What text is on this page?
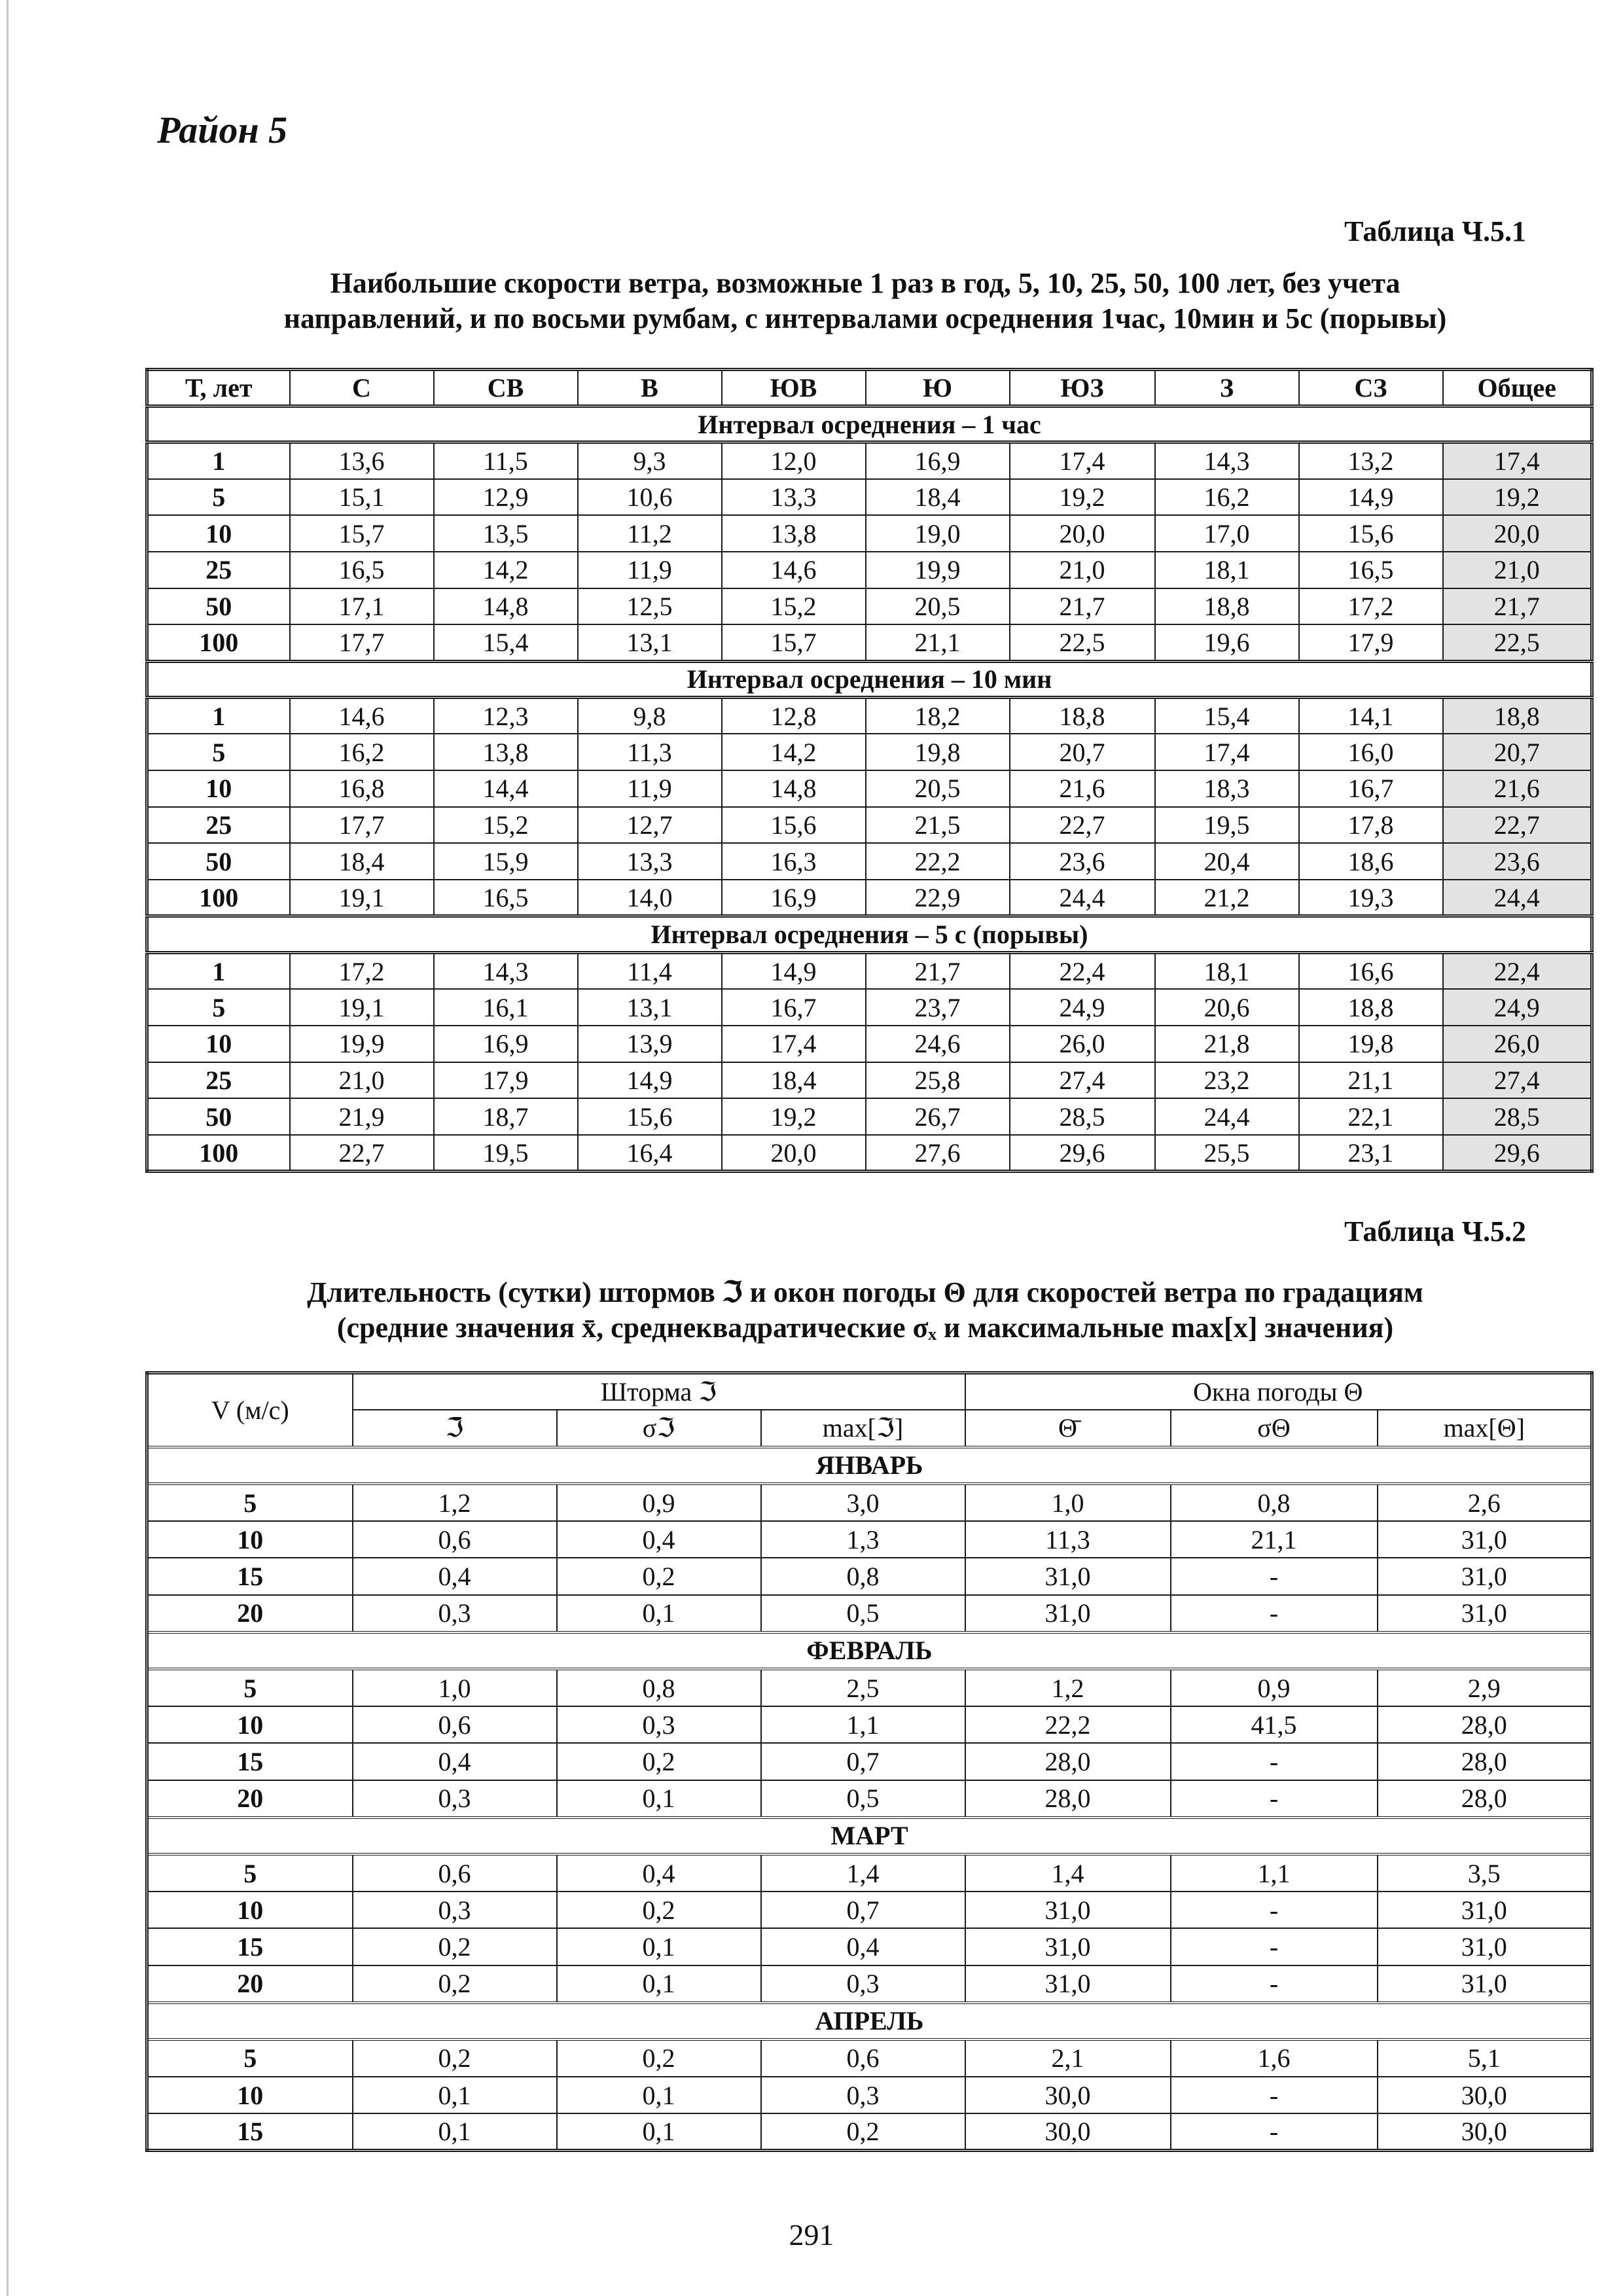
Район 5
Таблица Ч.5.1
Наибольшие скорости ветра, возможные 1 раз в год, 5, 10, 25, 50, 100 лет, без учета
направлений, и по восьми румбам, с интервалами осреднения 1час, 10мин и 5с (порывы)
Т, лет	С	СВ	В	ЮВ	Ю	ЮЗ	З	СЗ	Общее
Интервал осреднения – 1 час									
1	13,6	11,5	9,3	12,0	16,9	17,4	14,3	13,2	17,4
5	15,1	12,9	10,6	13,3	18,4	19,2	16,2	14,9	19,2
10	15,7	13,5	11,2	13,8	19,0	20,0	17,0	15,6	20,0
25	16,5	14,2	11,9	14,6	19,9	21,0	18,1	16,5	21,0
50	17,1	14,8	12,5	15,2	20,5	21,7	18,8	17,2	21,7
100	17,7	15,4	13,1	15,7	21,1	22,5	19,6	17,9	22,5
Интервал осреднения – 10 мин									
1	14,6	12,3	9,8	12,8	18,2	18,8	15,4	14,1	18,8
5	16,2	13,8	11,3	14,2	19,8	20,7	17,4	16,0	20,7
10	16,8	14,4	11,9	14,8	20,5	21,6	18,3	16,7	21,6
25	17,7	15,2	12,7	15,6	21,5	22,7	19,5	17,8	22,7
50	18,4	15,9	13,3	16,3	22,2	23,6	20,4	18,6	23,6
100	19,1	16,5	14,0	16,9	22,9	24,4	21,2	19,3	24,4
Интервал осреднения – 5 с (порывы)									
1	17,2	14,3	11,4	14,9	21,7	22,4	18,1	16,6	22,4
5	19,1	16,1	13,1	16,7	23,7	24,9	20,6	18,8	24,9
10	19,9	16,9	13,9	17,4	24,6	26,0	21,8	19,8	26,0
25	21,0	17,9	14,9	18,4	25,8	27,4	23,2	21,1	27,4
50	21,9	18,7	15,6	19,2	26,7	28,5	24,4	22,1	28,5
100	22,7	19,5	16,4	20,0	27,6	29,6	25,5	23,1	29,6
Таблица Ч.5.2
Длительность (сутки) штормов ℑ и окон погоды Θ для скоростей ветра по градациям
(средние значения x̄, среднеквадратические σₓ и максимальные max[x] значения)
V (м/с)	Шторма ℑ			Окна погоды Θ		
	ℑ̄	σℑ	max[ℑ]	Θ̄	σΘ	max[Θ]
ЯНВАРЬ						
5	1,2	0,9	3,0	1,0	0,8	2,6
10	0,6	0,4	1,3	11,3	21,1	31,0
15	0,4	0,2	0,8	31,0	-	31,0
20	0,3	0,1	0,5	31,0	-	31,0
ФЕВРАЛЬ						
5	1,0	0,8	2,5	1,2	0,9	2,9
10	0,6	0,3	1,1	22,2	41,5	28,0
15	0,4	0,2	0,7	28,0	-	28,0
20	0,3	0,1	0,5	28,0	-	28,0
МАРТ						
5	0,6	0,4	1,4	1,4	1,1	3,5
10	0,3	0,2	0,7	31,0	-	31,0
15	0,2	0,1	0,4	31,0	-	31,0
20	0,2	0,1	0,3	31,0	-	31,0
АПРЕЛЬ						
5	0,2	0,2	0,6	2,1	1,6	5,1
10	0,1	0,1	0,3	30,0	-	30,0
15	0,1	0,1	0,2	30,0	-	30,0
291
